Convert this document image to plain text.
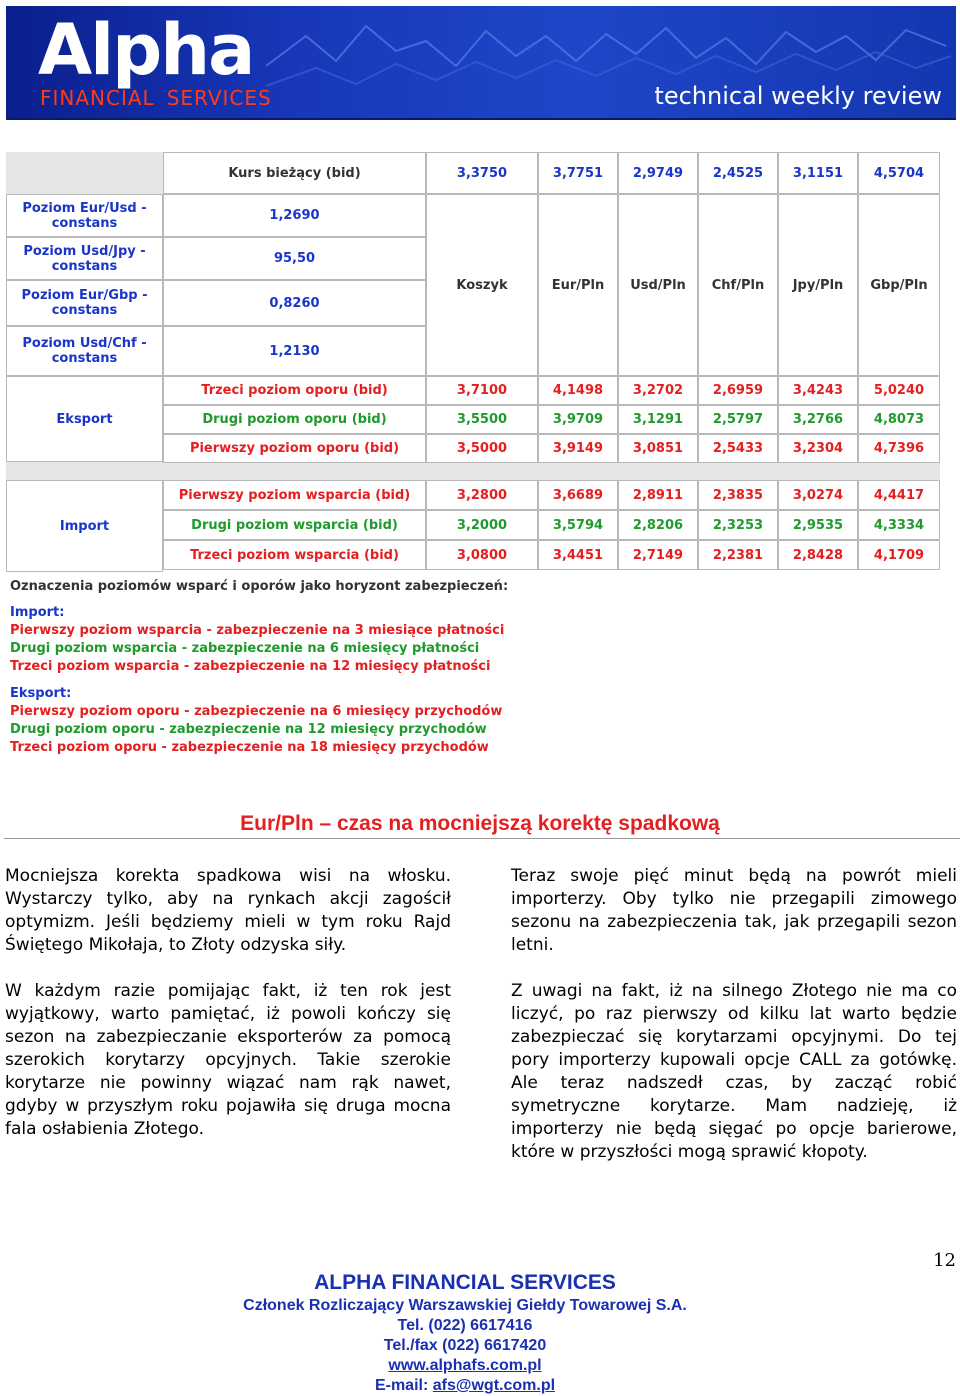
Alpha
FINANCIAL SERVICES	technical weekly review
Kurs bieżący (bid)	3,3750	3,7751	2,9749	2,4525	3,1151	4,5704
Poziom Eur/Usd - constans	1,2690
Poziom Usd/Jpy - constans	95,50
Poziom Eur/Gbp - constans	0,8260
Poziom Usd/Chf - constans	1,2130
Koszyk	Eur/Pln	Usd/Pln	Chf/Pln	Jpy/Pln	Gbp/Pln
Eksport
Trzeci poziom oporu (bid)	3,7100	4,1498	3,2702	2,6959	3,4243	5,0240
Drugi poziom oporu (bid)	3,5500	3,9709	3,1291	2,5797	3,2766	4,8073
Pierwszy poziom oporu (bid)	3,5000	3,9149	3,0851	2,5433	3,2304	4,7396
Import
Pierwszy poziom wsparcia (bid)	3,2800	3,6689	2,8911	2,3835	3,0274	4,4417
Drugi poziom wsparcia (bid)	3,2000	3,5794	2,8206	2,3253	2,9535	4,3334
Trzeci poziom wsparcia (bid)	3,0800	3,4451	2,7149	2,2381	2,8428	4,1709
Oznaczenia poziomów wsparć i oporów jako horyzont zabezpieczeń:
Import:
Pierwszy poziom wsparcia - zabezpieczenie na 3 miesiące płatności
Drugi poziom wsparcia - zabezpieczenie na 6 miesięcy płatności
Trzeci poziom wsparcia - zabezpieczenie na 12 miesięcy płatności
Eksport:
Pierwszy poziom oporu - zabezpieczenie na 6 miesięcy przychodów
Drugi poziom oporu - zabezpieczenie na 12 miesięcy przychodów
Trzeci poziom oporu - zabezpieczenie na 18 miesięcy przychodów
Eur/Pln – czas na mocniejszą korektę spadkową

Mocniejsza korekta spadkowa wisi na włosku. Wystarczy tylko, aby na rynkach akcji zagościł optymizm. Jeśli będziemy mieli w tym roku Rajd Świętego Mikołaja, to Złoty odzyska siły.

W każdym razie pomijając fakt, iż ten rok jest wyjątkowy, warto pamiętać, iż powoli kończy się sezon na zabezpieczanie eksporterów za pomocą szerokich korytarzy opcyjnych. Takie szerokie korytarze nie powinny wiązać nam rąk nawet, gdyby w przyszłym roku pojawiła się druga mocna fala osłabienia Złotego.

Teraz swoje pięć minut będą na powrót mieli importerzy. Oby tylko nie przegapili zimowego sezonu na zabezpieczenia tak, jak przegapili sezon letni.

Z uwagi na fakt, iż na silnego Złotego nie ma co liczyć, po raz pierwszy od kilku lat warto będzie zabezpieczać się korytarzami opcyjnymi. Do tej pory importerzy kupowali opcje CALL za gotówkę. Ale teraz nadszedł czas, by zacząć robić symetryczne korytarze. Mam nadzieję, iż importerzy nie będą sięgać po opcje barierowe, które w przyszłości mogą sprawić kłopoty.

12
ALPHA FINANCIAL SERVICES
Członek Rozliczający Warszawskiej Giełdy Towarowej S.A.
Tel. (022) 6617416
Tel./fax (022) 6617420
www.alphafs.com.pl
E-mail: afs@wgt.com.pl
